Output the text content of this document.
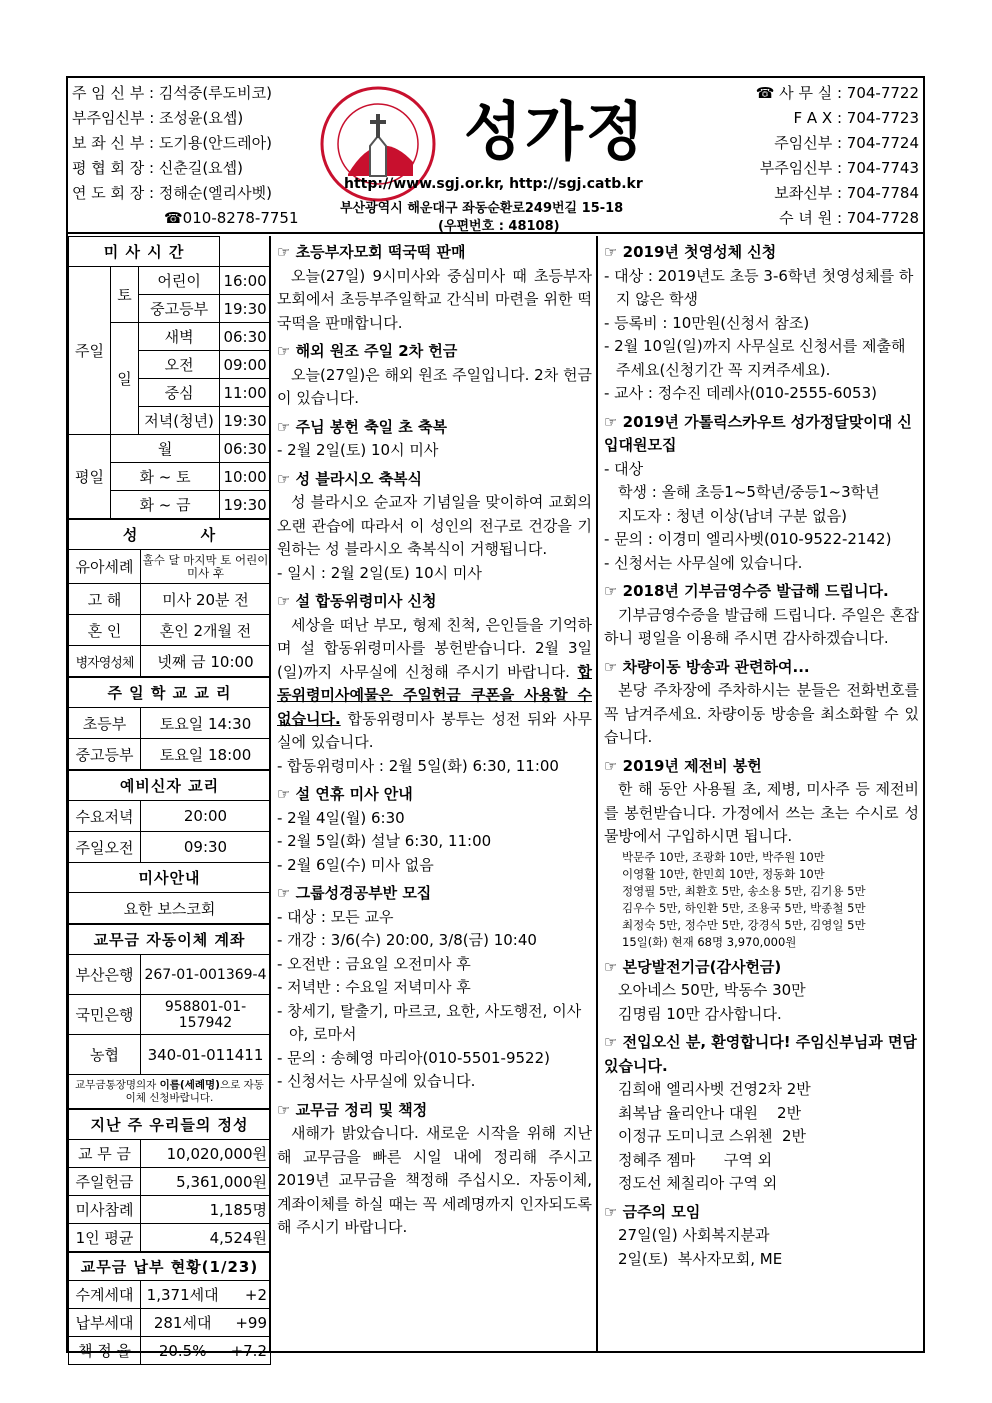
주 임 신 부 : 김석중(루도비코)
부주임신부 : 조성윤(요셉)
보 좌 신 부 : 도기용(안드레아)
평 협 회 장 : 신춘길(요셉)
연 도 회 장 : 정해순(엘리사벳)
☎010-8278-7751
성가정
http://www.sgj.or.kr, http://sgj.catb.kr
부산광역시 해운대구 좌동순환로249번길 15-18
(우편번호 : 48108)
☎ 사 무 실 : 704-7722
F A X : 704-7723
주임신부 : 704-7724
부주임신부 : 704-7743
보좌신부 : 704-7784
수 녀 원 : 704-7728
미 사 시 간			
주일	토	어린이	16:00
		중고등부	19:30
	일	새벽	06:30
		오전	09:00
		중심	11:00
		저녁(청년)	19:30
평일	월		06:30
	화 ~ 토		10:00
	화 ~ 금		19:30
성          사	
유아세례	홀수 달 마지막 토 어린이 미사 후
고 해	미사 20분 전
혼 인	혼인 2개월 전
병자영성체	넷째 금 10:00
주 일 학 교 교 리	
초등부	토요일 14:30
중고등부	토요일 18:00
예비신자 교리	
수요저녁	20:00
주일오전	09:30
미사안내	
요한 보스코회	
교무금 자동이체 계좌	
부산은행	267-01-001369-4
국민은행	958801-01-157942
농협	340-01-011411
교무금통장명의자 이름(세례명)으로 자동이체 신청바랍니다.	
지난 주 우리들의 정성	
교 무 금	10,020,000원
주일헌금	5,361,000원
미사참례	1,185명
1인 평균	4,524원
교무금 납부 현황(1/23)		
수계세대	1,371세대	+2
납부세대	281세대	+99
책 정 율	20.5%	+7.2
☞ 초등부자모회 떡국떡 판매
오늘(27일) 9시미사와 중심미사 때 초등부자모회에서 초등부주일학교 간식비 마련을 위한 떡국떡을 판매합니다.
☞ 해외 원조 주일 2차 헌금
오늘(27일)은 해외 원조 주일입니다. 2차 헌금이 있습니다.
☞ 주님 봉헌 축일 초 축복
- 2월 2일(토) 10시 미사
☞ 성 블라시오 축복식
성 블라시오 순교자 기념일을 맞이하여 교회의 오랜 관습에 따라서 이 성인의 전구로 건강을 기원하는 성 블라시오 축복식이 거행됩니다.
- 일시 : 2월 2일(토) 10시 미사
☞ 설 합동위령미사 신청
세상을 떠난 부모, 형제 친척, 은인들을 기억하며 설 합동위령미사를 봉헌받습니다. 2월 3일(일)까지 사무실에 신청해 주시기 바랍니다. 합동위령미사예물은 주일헌금 쿠폰을 사용할 수 없습니다. 합동위령미사 봉투는 성전 뒤와 사무실에 있습니다.
- 합동위령미사 : 2월 5일(화) 6:30, 11:00
☞ 설 연휴 미사 안내
- 2월 4일(월) 6:30
- 2월 5일(화) 설날 6:30, 11:00
- 2월 6일(수) 미사 없음
☞ 그룹성경공부반 모집
- 대상 : 모든 교우
- 개강 : 3/6(수) 20:00, 3/8(금) 10:40
- 오전반 : 금요일 오전미사 후
- 저녁반 : 수요일 저녁미사 후
- 창세기, 탈출기, 마르코, 요한, 사도행전, 이사야, 로마서
- 문의 : 송혜영 마리아(010-5501-9522)
- 신청서는 사무실에 있습니다.
☞ 교무금 정리 및 책정
새해가 밝았습니다. 새로운 시작을 위해 지난해 교무금을 빠른 시일 내에 정리해 주시고 2019년 교무금을 책정해 주십시오. 자동이체, 계좌이체를 하실 때는 꼭 세례명까지 인자되도록 해 주시기 바랍니다.
☞ 2019년 첫영성체 신청
- 대상 : 2019년도 초등 3-6학년 첫영성체를 하지 않은 학생
- 등록비 : 10만원(신청서 참조)
- 2월 10일(일)까지 사무실로 신청서를 제출해 주세요(신청기간 꼭 지켜주세요).
- 교사 : 정수진 데레사(010-2555-6053)
☞ 2019년 가톨릭스카우트 성가정달맞이대 신입대원모집
- 대상
학생 : 올해 초등1~5학년/중등1~3학년
지도자 : 청년 이상(남녀 구분 없음)
- 문의 : 이경미 엘리사벳(010-9522-2142)
- 신청서는 사무실에 있습니다.
☞ 2018년 기부금영수증 발급해 드립니다.
기부금영수증을 발급해 드립니다. 주일은 혼잡하니 평일을 이용해 주시면 감사하겠습니다.
☞ 차량이동 방송과 관련하여...
본당 주차장에 주차하시는 분들은 전화번호를 꼭 남겨주세요. 차량이동 방송을 최소화할 수 있습니다.
☞ 2019년 제전비 봉헌
한 해 동안 사용될 초, 제병, 미사주 등 제전비를 봉헌받습니다. 가정에서 쓰는 초는 수시로 성물방에서 구입하시면 됩니다.
박문주 10만, 조광화 10만, 박주원 10만
이영활 10만, 한민희 10만, 정동화 10만
정영필 5만, 최환호 5만, 송소용 5만, 김기용 5만
김우수 5만, 하인환 5만, 조용국 5만, 박종철 5만
최정숙 5만, 정수만 5만, 강경식 5만, 김영일 5만
15일(화) 현재 68명 3,970,000원
☞ 본당발전기금(감사헌금)
오아네스 50만, 박동수 30만
김명림 10만 감사합니다.
☞ 전입오신 분, 환영합니다! 주임신부님과 면담 있습니다.
김희애 엘리사벳 건영2차 2반
최복남 율리안나 대원    2반
이정규 도미니코 스위첸  2반
정혜주 젬마      구역 외
정도선 체칠리아 구역 외
☞ 금주의 모임
27일(일) 사회복지분과
2일(토)  복사자모회, ME
